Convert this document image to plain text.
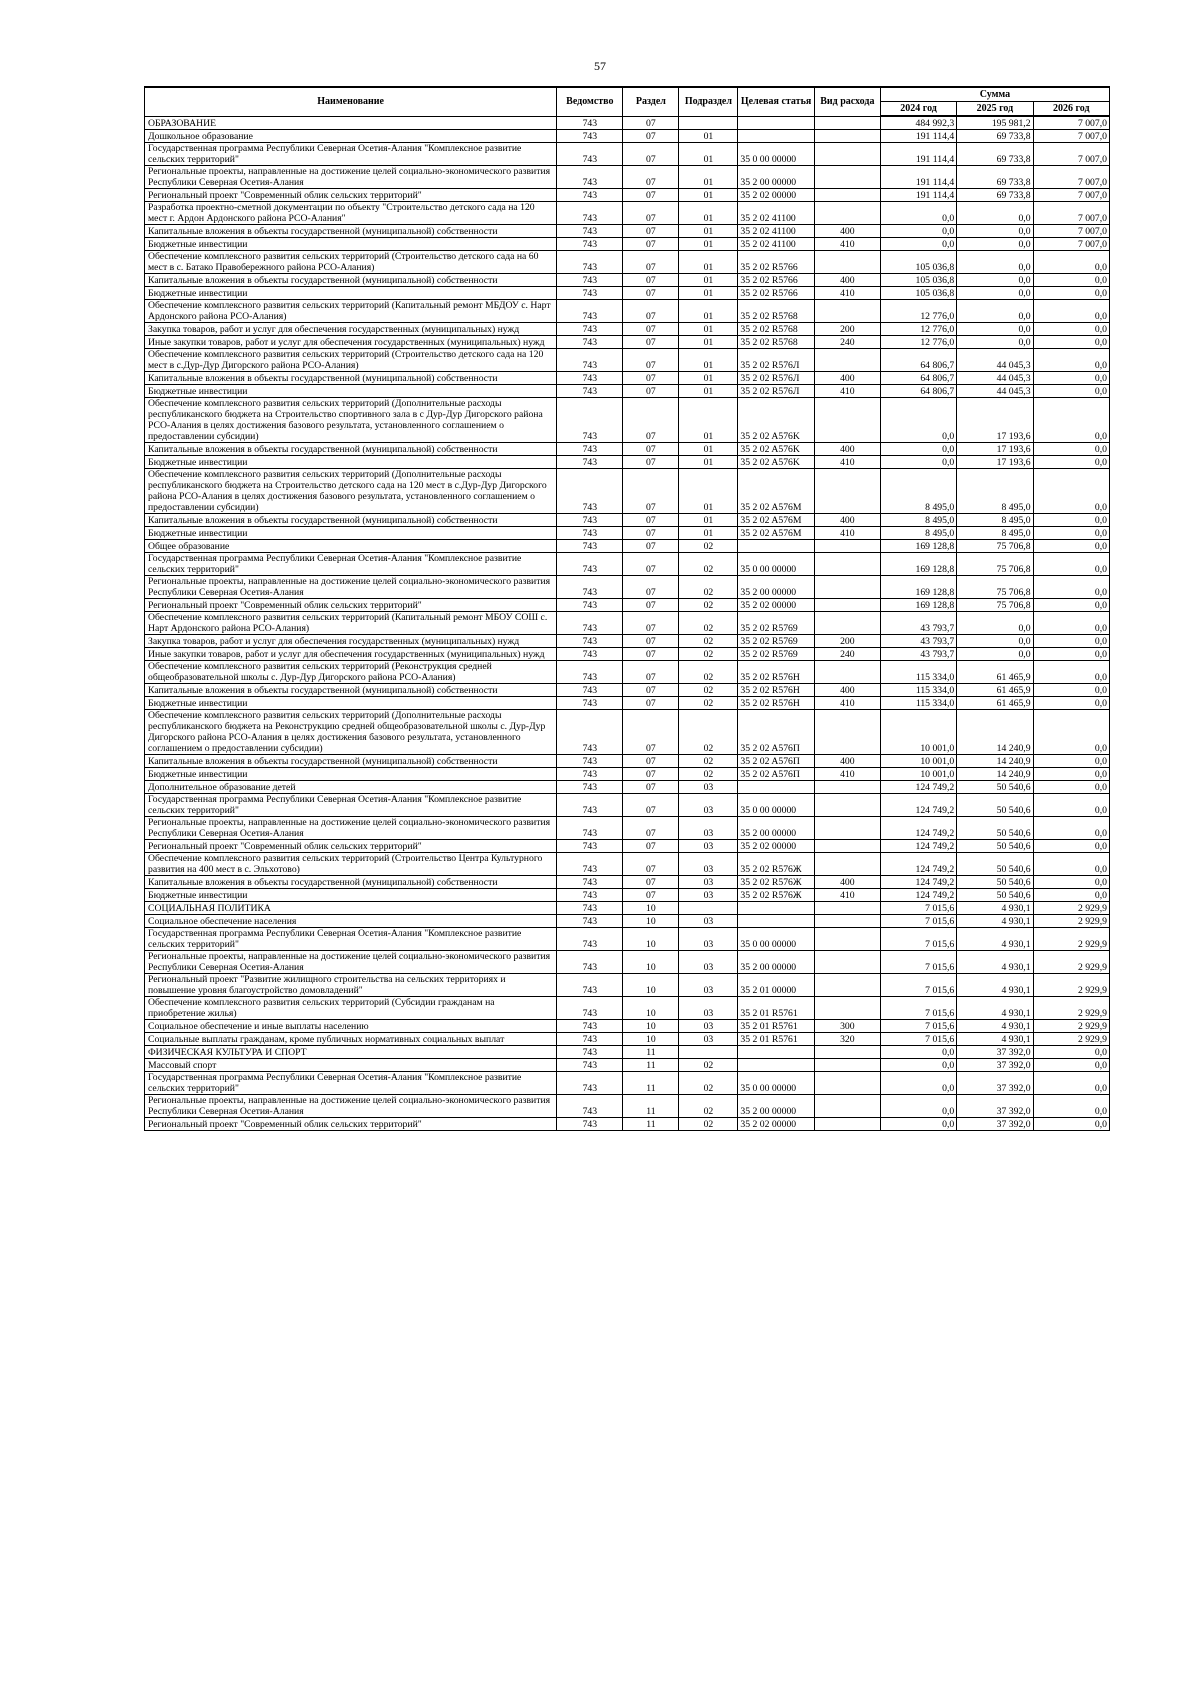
57
Наименование	Ведомство	Раздел	Подраздел	Целевая статья	Вид расхода	Сумма		
						2024 год	2025 год	2026 год
ОБРАЗОВАНИЕ	743	07				484 992,3	195 981,2	7 007,0
Дошкольное образование	743	07	01			191 114,4	69 733,8	7 007,0
Государственная программа Республики Северная Осетия-Алания "Комплексное развитие сельских территорий"	743	07	01	35 0 00 00000		191 114,4	69 733,8	7 007,0
Региональные проекты, направленные на достижение целей социально-экономического развития Республики Северная Осетия-Алания	743	07	01	35 2 00 00000		191 114,4	69 733,8	7 007,0
Региональный проект "Современный облик сельских территорий"	743	07	01	35 2 02 00000		191 114,4	69 733,8	7 007,0
Разработка проектно-сметной документации по объекту "Строительство детского сада на 120 мест г. Ардон Ардонского района РСО-Алания"	743	07	01	35 2 02 41100		0,0	0,0	7 007,0
Капитальные вложения в объекты государственной (муниципальной) собственности	743	07	01	35 2 02 41100	400	0,0	0,0	7 007,0
Бюджетные инвестиции	743	07	01	35 2 02 41100	410	0,0	0,0	7 007,0
Обеспечение комплексного развития сельских территорий (Строительство детского сада на 60 мест в с. Батако Правобережного района РСО-Алания)	743	07	01	35 2 02 R5766		105 036,8	0,0	0,0
Капитальные вложения в объекты государственной (муниципальной) собственности	743	07	01	35 2 02 R5766	400	105 036,8	0,0	0,0
Бюджетные инвестиции	743	07	01	35 2 02 R5766	410	105 036,8	0,0	0,0
Обеспечение комплексного развития сельских территорий (Капитальный ремонт МБДОУ с. Нарт Ардонского района РСО-Алания)	743	07	01	35 2 02 R5768		12 776,0	0,0	0,0
Закупка товаров, работ и услуг для обеспечения государственных (муниципальных) нужд	743	07	01	35 2 02 R5768	200	12 776,0	0,0	0,0
Иные закупки товаров, работ и услуг для обеспечения государственных (муниципальных) нужд	743	07	01	35 2 02 R5768	240	12 776,0	0,0	0,0
Обеспечение комплексного развития сельских территорий (Строительство детского сада на 120 мест в с.Дур-Дур Дигорского района РСО-Алания)	743	07	01	35 2 02 R576Л		64 806,7	44 045,3	0,0
Капитальные вложения в объекты государственной (муниципальной) собственности	743	07	01	35 2 02 R576Л	400	64 806,7	44 045,3	0,0
Бюджетные инвестиции	743	07	01	35 2 02 R576Л	410	64 806,7	44 045,3	0,0
Обеспечение комплексного развития сельских территорий (Дополнительные расходы республиканского бюджета на Строительство спортивного зала в с Дур-Дур Дигорского района РСО-Алания в целях достижения базового результата, установленного соглашением о предоставлении субсидии)	743	07	01	35 2 02 A576K		0,0	17 193,6	0,0
Капитальные вложения в объекты государственной (муниципальной) собственности	743	07	01	35 2 02 A576K	400	0,0	17 193,6	0,0
Бюджетные инвестиции	743	07	01	35 2 02 A576K	410	0,0	17 193,6	0,0
Обеспечение комплексного развития сельских территорий (Дополнительные расходы республиканского бюджета на Строительство детского сада на 120 мест в с.Дур-Дур Дигорского района РСО-Алания в целях достижения базового результата, установленного соглашением о предоставлении субсидии)	743	07	01	35 2 02 A576M		8 495,0	8 495,0	0,0
Капитальные вложения в объекты государственной (муниципальной) собственности	743	07	01	35 2 02 A576M	400	8 495,0	8 495,0	0,0
Бюджетные инвестиции	743	07	01	35 2 02 A576M	410	8 495,0	8 495,0	0,0
Общее образование	743	07	02			169 128,8	75 706,8	0,0
Государственная программа Республики Северная Осетия-Алания "Комплексное развитие сельских территорий"	743	07	02	35 0 00 00000		169 128,8	75 706,8	0,0
Региональные проекты, направленные на достижение целей социально-экономического развития Республики Северная Осетия-Алания	743	07	02	35 2 00 00000		169 128,8	75 706,8	0,0
Региональный проект "Современный облик сельских территорий"	743	07	02	35 2 02 00000		169 128,8	75 706,8	0,0
Обеспечение комплексного развития сельских территорий (Капитальный ремонт МБОУ СОШ с. Нарт Ардонского района РСО-Алания)	743	07	02	35 2 02 R5769		43 793,7	0,0	0,0
Закупка товаров, работ и услуг для обеспечения государственных (муниципальных) нужд	743	07	02	35 2 02 R5769	200	43 793,7	0,0	0,0
Иные закупки товаров, работ и услуг для обеспечения государственных (муниципальных) нужд	743	07	02	35 2 02 R5769	240	43 793,7	0,0	0,0
Обеспечение комплексного развития сельских территорий (Реконструкция средней общеобразовательной школы с. Дур-Дур Дигорского района РСО-Алания)	743	07	02	35 2 02 R576Н		115 334,0	61 465,9	0,0
Капитальные вложения в объекты государственной (муниципальной) собственности	743	07	02	35 2 02 R576Н	400	115 334,0	61 465,9	0,0
Бюджетные инвестиции	743	07	02	35 2 02 R576Н	410	115 334,0	61 465,9	0,0
Обеспечение комплексного развития сельских территорий (Дополнительные расходы республиканского бюджета на Реконструкцию средней общеобразовательной школы с. Дур-Дур Дигорского района РСО-Алания в целях достижения базового результата, установленного соглашением о предоставлении субсидии)	743	07	02	35 2 02 A576П		10 001,0	14 240,9	0,0
Капитальные вложения в объекты государственной (муниципальной) собственности	743	07	02	35 2 02 A576П	400	10 001,0	14 240,9	0,0
Бюджетные инвестиции	743	07	02	35 2 02 A576П	410	10 001,0	14 240,9	0,0
Дополнительное образование детей	743	07	03			124 749,2	50 540,6	0,0
Государственная программа Республики Северная Осетия-Алания "Комплексное развитие сельских территорий"	743	07	03	35 0 00 00000		124 749,2	50 540,6	0,0
Региональные проекты, направленные на достижение целей социально-экономического развития Республики Северная Осетия-Алания	743	07	03	35 2 00 00000		124 749,2	50 540,6	0,0
Региональный проект "Современный облик сельских территорий"	743	07	03	35 2 02 00000		124 749,2	50 540,6	0,0
Обеспечение комплексного развития сельских территорий (Строительство Центра Культурного развития на 400 мест в с. Эльхотово)	743	07	03	35 2 02 R576Ж		124 749,2	50 540,6	0,0
Капитальные вложения в объекты государственной (муниципальной) собственности	743	07	03	35 2 02 R576Ж	400	124 749,2	50 540,6	0,0
Бюджетные инвестиции	743	07	03	35 2 02 R576Ж	410	124 749,2	50 540,6	0,0
СОЦИАЛЬНАЯ ПОЛИТИКА	743	10				7 015,6	4 930,1	2 929,9
Социальное обеспечение населения	743	10	03			7 015,6	4 930,1	2 929,9
Государственная программа Республики Северная Осетия-Алания "Комплексное развитие сельских территорий"	743	10	03	35 0 00 00000		7 015,6	4 930,1	2 929,9
Региональные проекты, направленные на достижение целей социально-экономического развития Республики Северная Осетия-Алания	743	10	03	35 2 00 00000		7 015,6	4 930,1	2 929,9
Региональный проект "Развитие жилищного строительства на сельских территориях и повышение уровня благоустройство домовладений"	743	10	03	35 2 01 00000		7 015,6	4 930,1	2 929,9
Обеспечение комплексного развития сельских территорий (Субсидии гражданам на приобретение жилья)	743	10	03	35 2 01 R5761		7 015,6	4 930,1	2 929,9
Социальное обеспечение и иные выплаты населению	743	10	03	35 2 01 R5761	300	7 015,6	4 930,1	2 929,9
Социальные выплаты гражданам, кроме публичных нормативных социальных выплат	743	10	03	35 2 01 R5761	320	7 015,6	4 930,1	2 929,9
ФИЗИЧЕСКАЯ КУЛЬТУРА И СПОРТ	743	11				0,0	37 392,0	0,0
Массовый спорт	743	11	02			0,0	37 392,0	0,0
Государственная программа Республики Северная Осетия-Алания "Комплексное развитие сельских территорий"	743	11	02	35 0 00 00000		0,0	37 392,0	0,0
Региональные проекты, направленные на достижение целей социально-экономического развития Республики Северная Осетия-Алания	743	11	02	35 2 00 00000		0,0	37 392,0	0,0
Региональный проект "Современный облик сельских территорий"	743	11	02	35 2 02 00000		0,0	37 392,0	0,0
